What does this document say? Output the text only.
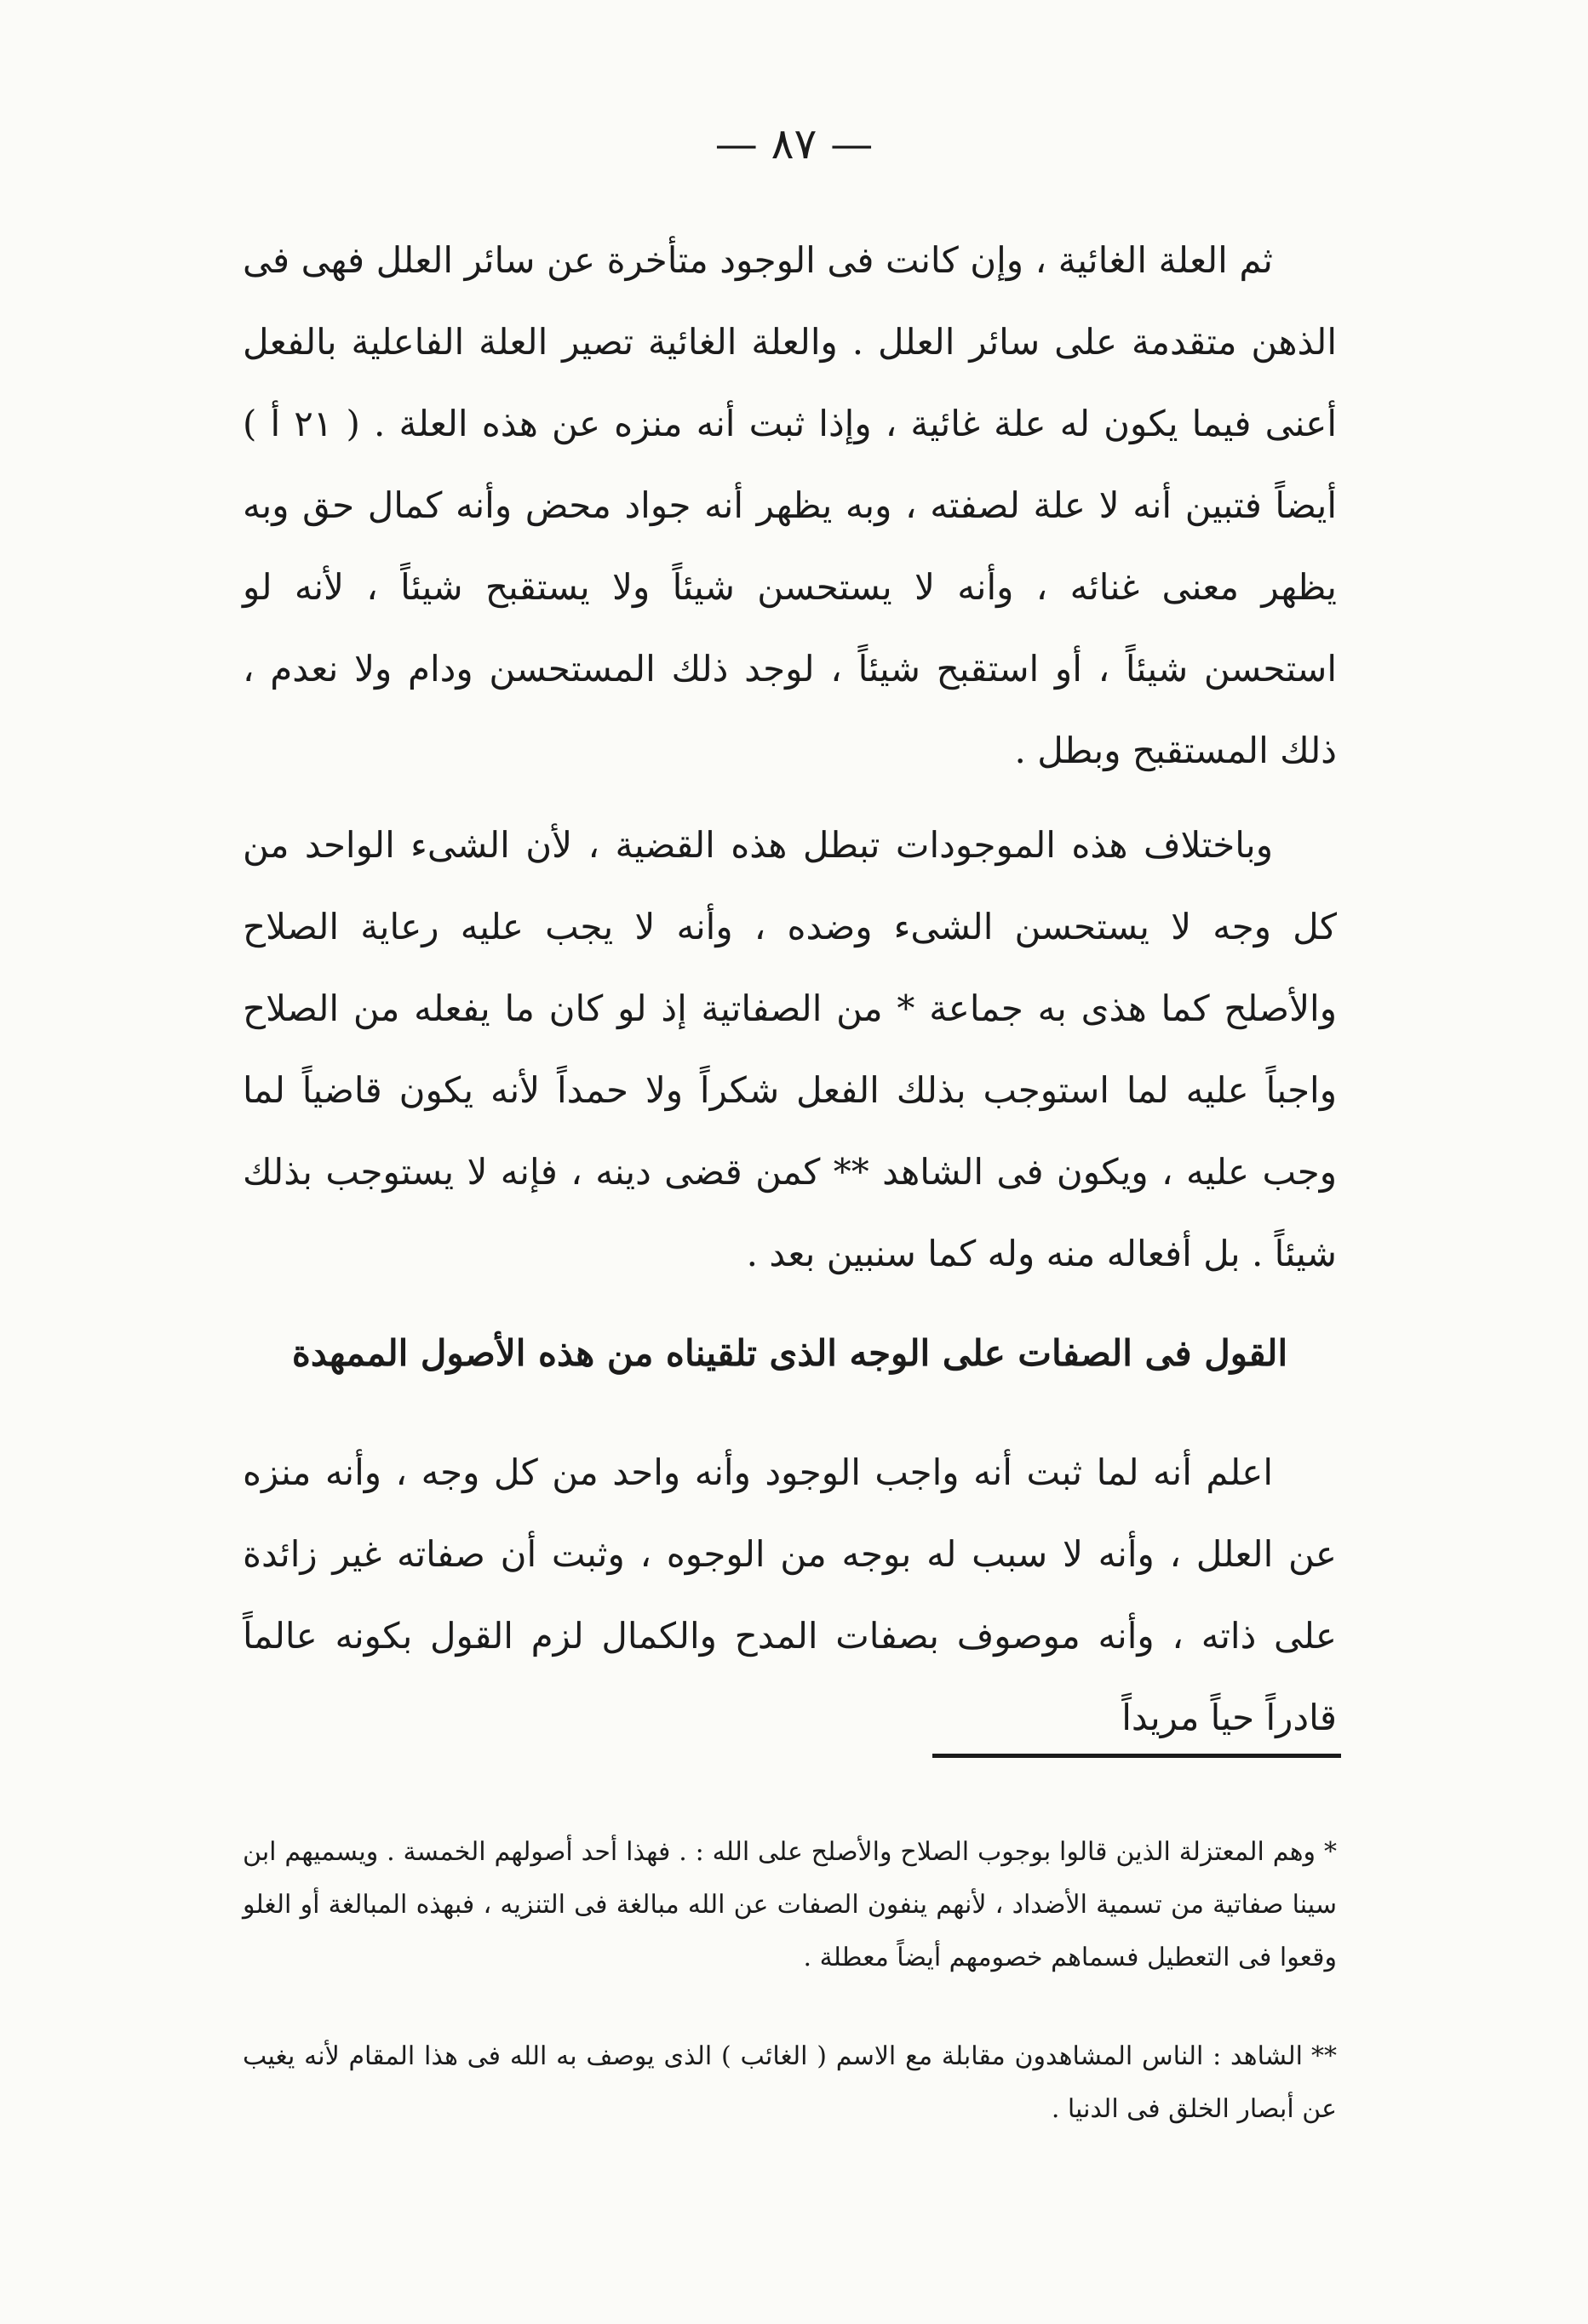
— ٨٧ —

ثم العلة الغائية ، وإن كانت فى الوجود متأخرة عن سائر العلل فهى فى الذهن متقدمة على سائر العلل . والعلة الغائية تصير العلة الفاعلية بالفعل أعنى فيما يكون له علة غائية ، وإذا ثبت أنه منزه عن هذه العلة . ( ٢١ أ ) أيضاً فتبين أنه لا علة لصفته ، وبه يظهر أنه جواد محض وأنه كمال حق وبه يظهر معنى غنائه ، وأنه لا يستحسن شيئاً ولا يستقبح شيئاً ، لأنه لو استحسن شيئاً ، أو استقبح شيئاً ، لوجد ذلك المستحسن ودام ولا نعدم ، ذلك المستقبح وبطل .

وباختلاف هذه الموجودات تبطل هذه القضية ، لأن الشىء الواحد من كل وجه لا يستحسن الشىء وضده ، وأنه لا يجب عليه رعاية الصلاح والأصلح كما هذى به جماعة * من الصفاتية إذ لو كان ما يفعله من الصلاح واجباً عليه لما استوجب بذلك الفعل شكراً ولا حمداً لأنه يكون قاضياً لما وجب عليه ، ويكون فى الشاهد ** كمن قضى دينه ، فإنه لا يستوجب بذلك شيئاً . بل أفعاله منه وله كما سنبين بعد .

القول فى الصفات على الوجه الذى تلقيناه من هذه الأصول الممهدة

اعلم أنه لما ثبت أنه واجب الوجود وأنه واحد من كل وجه ، وأنه منزه عن العلل ، وأنه لا سبب له بوجه من الوجوه ، وثبت أن صفاته غير زائدة على ذاته ، وأنه موصوف بصفات المدح والكمال لزم القول بكونه عالماً قادراً حياً مريداً

*وهم المعتزلة الذين قالوا بوجوب الصلاح والأصلح على الله : . فهذا أحد أصولهم الخمسة . ويسميهم ابن سينا صفاتية من تسمية الأضداد ، لأنهم ينفون الصفات عن الله مبالغة فى التنزيه ، فبهذه المبالغة أو الغلو وقعوا فى التعطيل فسماهم خصومهم أيضاً معطلة .

**الشاهد : الناس المشاهدون مقابلة مع الاسم ( الغائب ) الذى يوصف به الله فى هذا المقام لأنه يغيب عن أبصار الخلق فى الدنيا .
